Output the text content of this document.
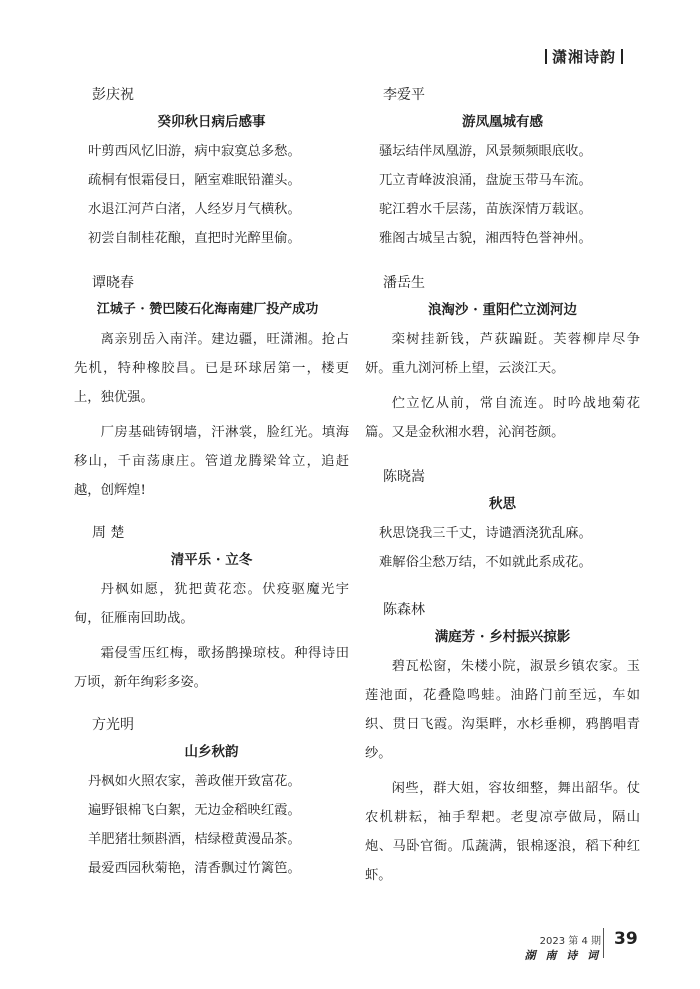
潇湘诗韵
彭庆祝
癸卯秋日病后感事
叶剪西风忆旧游，病中寂寞总多愁。
疏桐有恨霜侵日，陋室难眠铅灌头。
水退江河芦白渚，人经岁月气横秋。
初尝自制桂花酿，直把时光醉里偷。
谭晓春
江城子 · 赞巴陵石化海南建厂投产成功

离亲别岳入南洋。建边疆，旺潇湘。抢占先机，特种橡胶昌。已是环球居第一，楼更上，独优强。

厂房基础铸钢墙，汗淋裳，脸红光。填海移山，千亩荡康庄。管道龙腾梁耸立，追赶越，创辉煌!

周 楚
清平乐 · 立冬

丹枫如愿，犹把黄花恋。伏疫驱魔光宇甸，征雁南回助战。

霜侵雪压红梅，歌扬鹊操琼枝。种得诗田万顷，新年绚彩多姿。

方光明
山乡秋韵
丹枫如火照农家，善政催开致富花。
遍野银棉飞白絮，无边金稻映红霞。
羊肥猪壮频斟酒，桔绿橙黄漫品茶。
最爱西园秋菊艳，清香飘过竹篱笆。
李爱平
游凤凰城有感
骚坛结伴凤凰游，风景频频眼底收。
兀立青峰波浪涌，盘旋玉带马车流。
驼江碧水千层荡，苗族深情万载讴。
雅阁古城呈古貌，湘西特色誉神州。
潘岳生
浪淘沙 · 重阳伫立浏河边

栾树挂新钱，芦荻蹁跹。芙蓉柳岸尽争妍。重九浏河桥上望，云淡江天。

伫立忆从前，常自流连。时吟战地菊花篇。又是金秋湘水碧，沁润苍颜。

陈晓嵩
秋思
秋思饶我三千丈，诗谴酒浇犹乱麻。
难解俗尘愁万结，不如就此系成花。
陈森林
满庭芳 · 乡村振兴掠影

碧瓦松窗，朱楼小院，淑景乡镇农家。玉莲池面，花叠隐鸣蛙。油路门前至远，车如织、贯日飞霞。沟渠畔，水杉垂柳，鸦鹊唱青纱。

闲些，群大姐，容妆细整，舞出韶华。仗农机耕耘，袖手犁耙。老叟凉亭做局，隔山炮、马卧官衙。瓜蔬满，银棉逐浪，稻下种红虾。

2023 第 4 期
湖 南 诗 词
39
